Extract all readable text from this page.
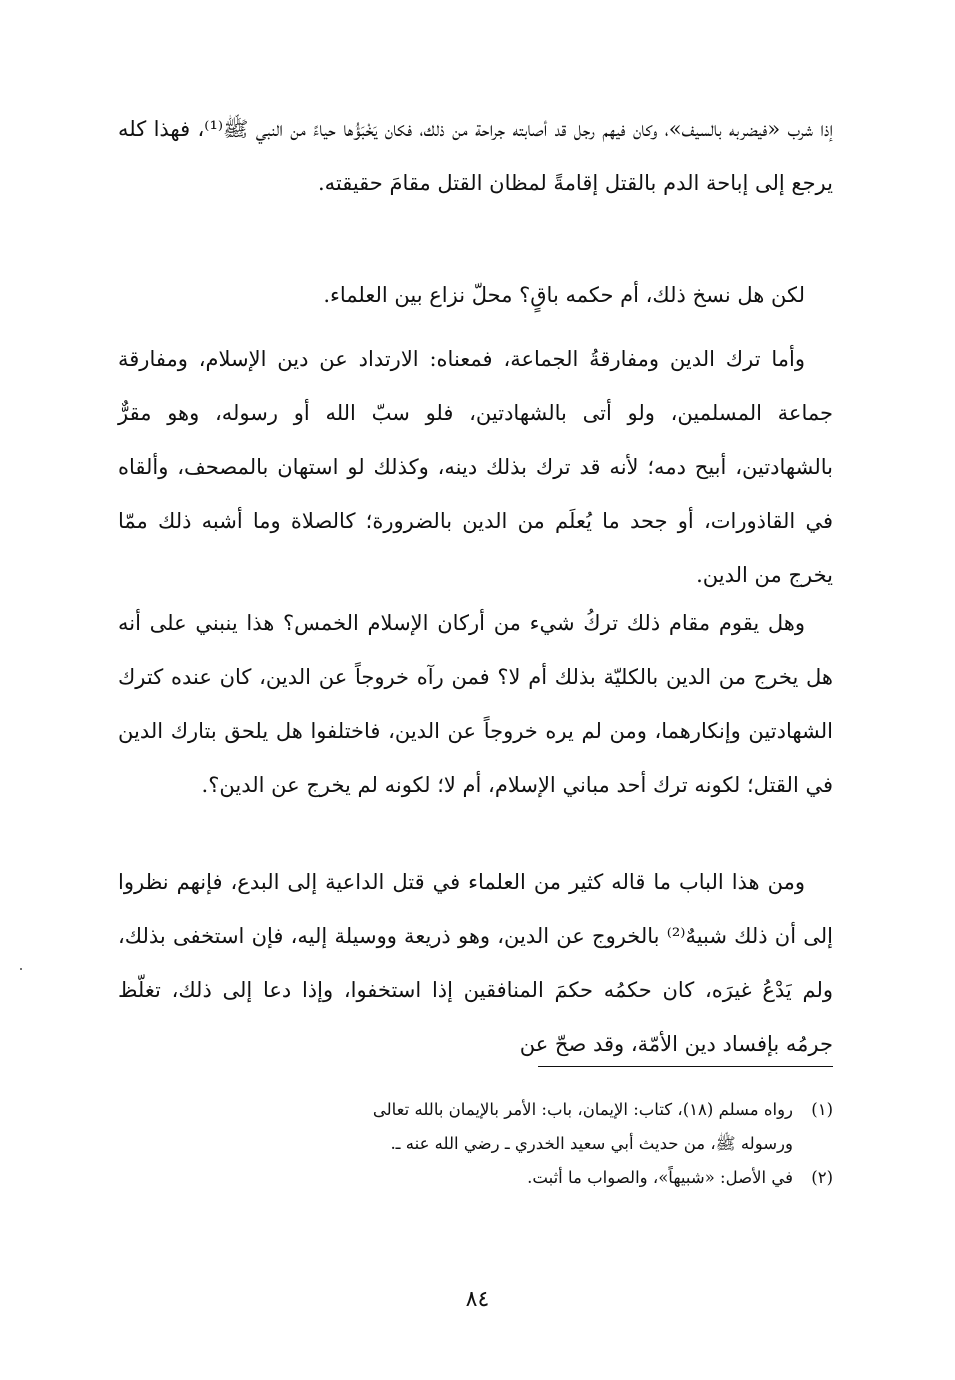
إذا شرب «فيضربه بالسيف»، وكان فيهم رجل قد أصابته جراحة من ذلك، فكان يَخْبَؤُها حياءً من النبي ﷺ⁽¹⁾، فهذا كله يرجع إلى إباحة الدم بالقتل إقامةً لمظان القتل مقامَ حقيقته.

لكن هل نسخ ذلك، أم حكمه باقٍ؟ محلّ نزاع بين العلماء.

وأما ترك الدين ومفارقةُ الجماعة، فمعناه: الارتداد عن دين الإسلام، ومفارقة جماعة المسلمين، ولو أتى بالشهادتين، فلو سبّ الله أو رسوله، وهو مقرٌّ بالشهادتين، أبيح دمه؛ لأنه قد ترك بذلك دينه، وكذلك لو استهان بالمصحف، وألقاه في القاذورات، أو جحد ما يُعلَم من الدين بالضرورة؛ كالصلاة وما أشبه ذلك ممّا يخرج من الدين.

وهل يقوم مقام ذلك تركُ شيء من أركان الإسلام الخمس؟ هذا ينبني على أنه هل يخرج من الدين بالكليّة بذلك أم لا؟ فمن رآه خروجاً عن الدين، كان عنده كترك الشهادتين وإنكارهما، ومن لم يره خروجاً عن الدين، فاختلفوا هل يلحق بتارك الدين في القتل؛ لكونه ترك أحد مباني الإسلام، أم لا؛ لكونه لم يخرج عن الدين؟.

ومن هذا الباب ما قاله كثير من العلماء في قتل الداعية إلى البدع، فإنهم نظروا إلى أن ذلك شبيهٌ⁽²⁾ بالخروج عن الدين، وهو ذريعة ووسيلة إليه، فإن استخفى بذلك، ولم يَدْعُ غيرَه، كان حكمُه حكمَ المنافقين إذا استخفوا، وإذا دعا إلى ذلك، تغلّظ جرمُه بإفساد دين الأمّة، وقد صحّ عن

(١)
رواه مسلم (١٨)، كتاب: الإيمان، باب: الأمر بالإيمان بالله تعالى
ورسوله ﷺ، من حديث أبي سعيد الخدري ـ رضي الله عنه ـ.
(٢)
في الأصل: «شبيهاً»، والصواب ما أثبت.
٨٤
